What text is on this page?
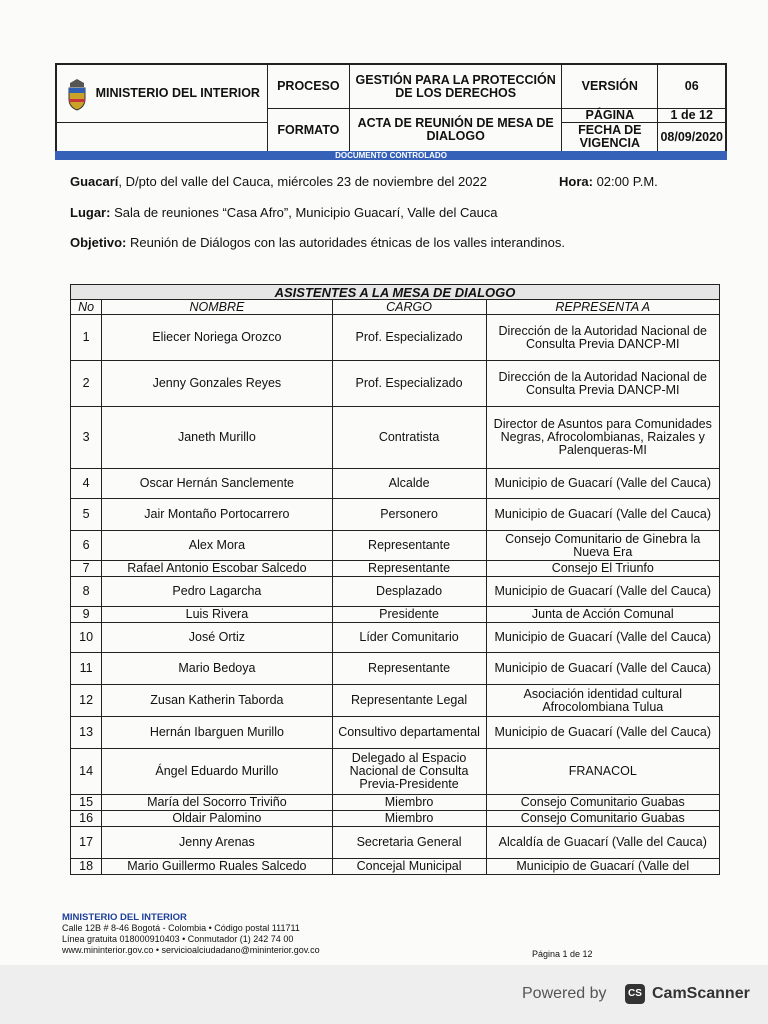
MINISTERIO DEL INTERIOR	PROCESO	GESTIÓN PARA LA PROTECCIÓN DE LOS DERECHOS	VERSIÓN	06
	FORMATO	ACTA DE REUNIÓN DE MESA DE DIALOGO	PÁGINA	1 de 12
			FECHA DE VIGENCIA	08/09/2020
DOCUMENTO CONTROLADO
Guacarí, D/pto del valle del Cauca, miércoles 23 de noviembre del 2022	Hora: 02:00 P.M.
Lugar: Sala de reuniones “Casa Afro”, Municipio Guacarí, Valle del Cauca
Objetivo: Reunión de Diálogos con las autoridades étnicas de los valles interandinos.
ASISTENTES A LA MESA DE DIALOGO			
No	NOMBRE	CARGO	REPRESENTA A
1	Eliecer Noriega Orozco	Prof. Especializado	Dirección de la Autoridad Nacional de Consulta Previa DANCP-MI
2	Jenny Gonzales Reyes	Prof. Especializado	Dirección de la Autoridad Nacional de Consulta Previa DANCP-MI
3	Janeth Murillo	Contratista	Director de Asuntos para Comunidades Negras, Afrocolombianas, Raizales y Palenqueras-MI
4	Oscar Hernán Sanclemente	Alcalde	Municipio de Guacarí (Valle del Cauca)
5	Jair Montaño Portocarrero	Personero	Municipio de Guacarí (Valle del Cauca)
6	Alex Mora	Representante	Consejo Comunitario de Ginebra la Nueva Era
7	Rafael Antonio Escobar Salcedo	Representante	Consejo El Triunfo
8	Pedro Lagarcha	Desplazado	Municipio de Guacarí (Valle del Cauca)
9	Luis Rivera	Presidente	Junta de Acción Comunal
10	José Ortiz	Líder Comunitario	Municipio de Guacarí (Valle del Cauca)
11	Mario Bedoya	Representante	Municipio de Guacarí (Valle del Cauca)
12	Zusan Katherin Taborda	Representante Legal	Asociación identidad cultural Afrocolombiana Tulua
13	Hernán Ibarguen Murillo	Consultivo departamental	Municipio de Guacarí (Valle del Cauca)
14	Ángel Eduardo Murillo	Delegado al Espacio Nacional de Consulta Previa-Presidente	FRANACOL
15	María del Socorro Triviño	Miembro	Consejo Comunitario Guabas
16	Oldair Palomino	Miembro	Consejo Comunitario Guabas
17	Jenny Arenas	Secretaria General	Alcaldía de Guacarí (Valle del Cauca)
18	Mario Guillermo Ruales Salcedo	Concejal Municipal	Municipio de Guacarí (Valle del
MINISTERIO DEL INTERIOR
Calle 12B # 8-46 Bogotá - Colombia • Código postal 111711
Línea gratuita 018000910403 • Conmutador (1) 242 74 00
www.mininterior.gov.co • servicioalciudadano@mininterior.gov.co	Página 1 de 12
Powered by	CS CamScanner
